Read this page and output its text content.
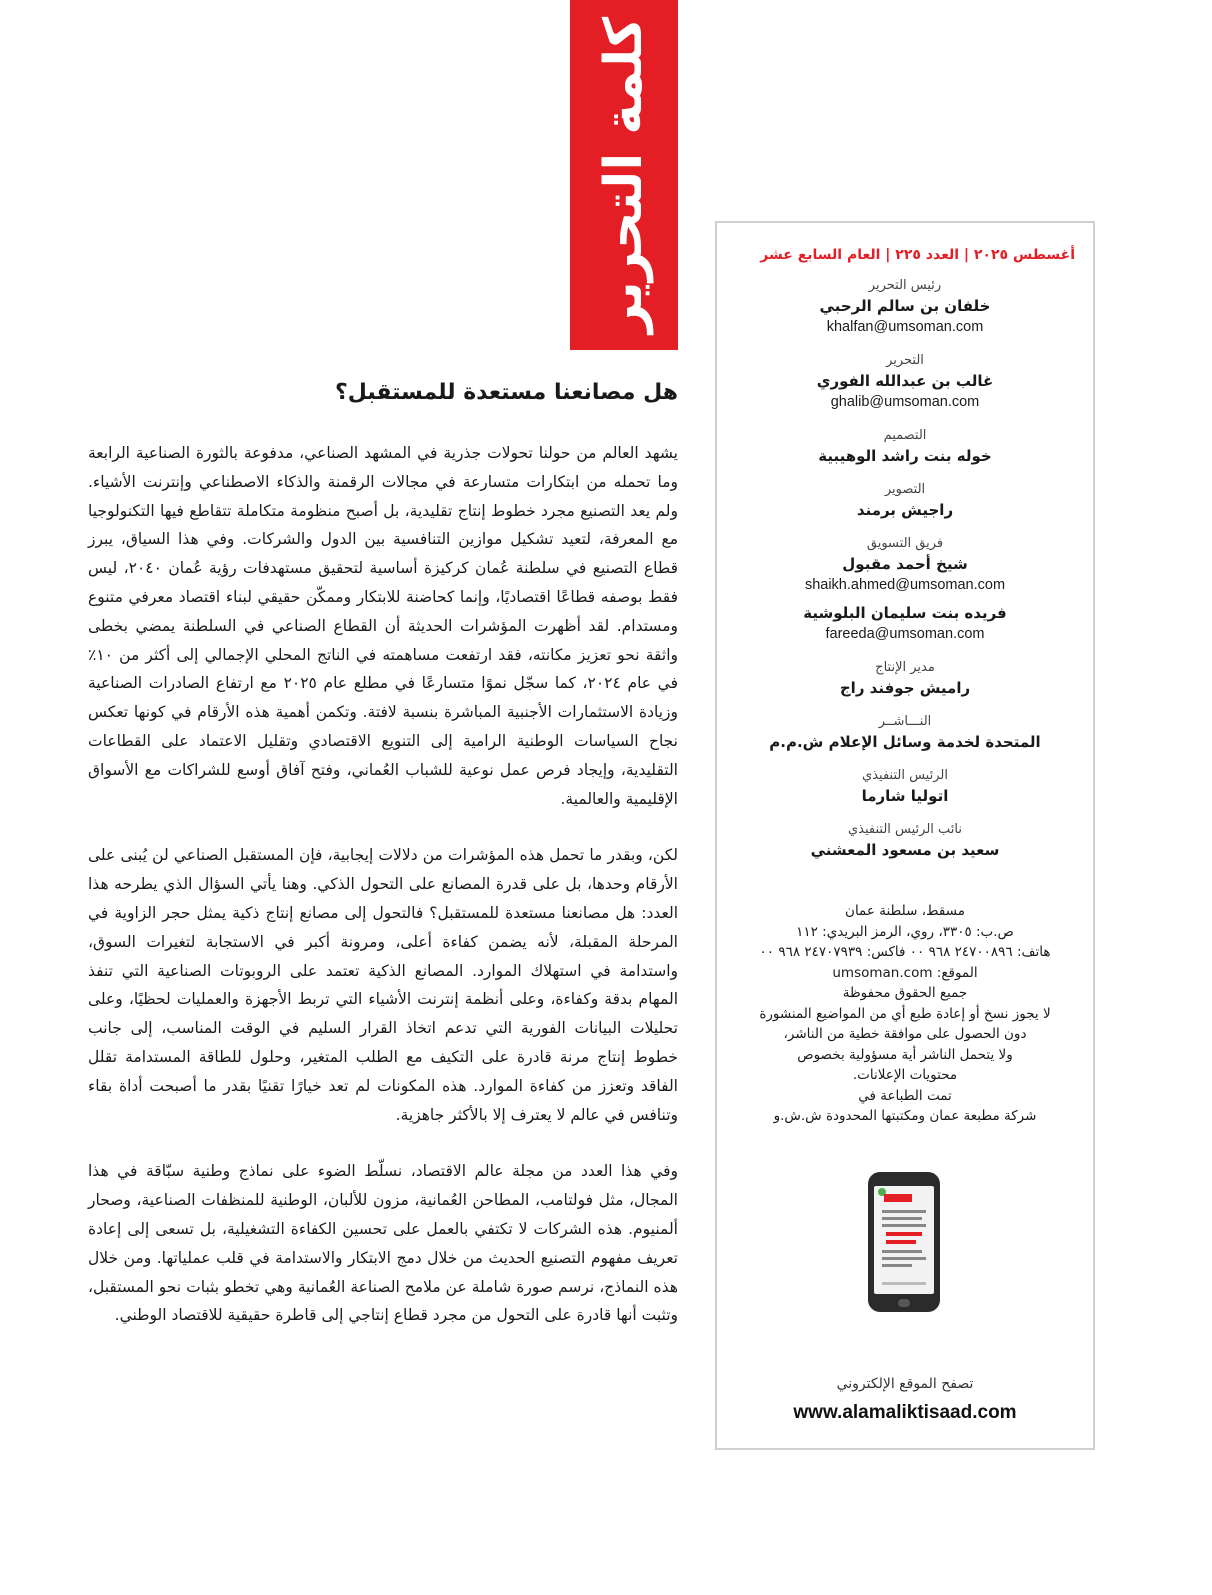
كلمة التحرير
هل مصانعنا مستعدة للمستقبل؟

يشهد العالم من حولنا تحولات جذرية في المشهد الصناعي، مدفوعة بالثورة الصناعية الرابعة وما تحمله من ابتكارات متسارعة في مجالات الرقمنة والذكاء الاصطناعي وإنترنت الأشياء. ولم يعد التصنيع مجرد خطوط إنتاج تقليدية، بل أصبح منظومة متكاملة تتقاطع فيها التكنولوجيا مع المعرفة، لتعيد تشكيل موازين التنافسية بين الدول والشركات. وفي هذا السياق، يبرز قطاع التصنيع في سلطنة عُمان كركيزة أساسية لتحقيق مستهدفات رؤية عُمان ٢٠٤٠، ليس فقط بوصفه قطاعًا اقتصاديًا، وإنما كحاضنة للابتكار وممكّن حقيقي لبناء اقتصاد معرفي متنوع ومستدام. لقد أظهرت المؤشرات الحديثة أن القطاع الصناعي في السلطنة يمضي بخطى واثقة نحو تعزيز مكانته، فقد ارتفعت مساهمته في الناتج المحلي الإجمالي إلى أكثر من ١٠٪ في عام ٢٠٢٤، كما سجّل نموًا متسارعًا في مطلع عام ٢٠٢٥ مع ارتفاع الصادرات الصناعية وزيادة الاستثمارات الأجنبية المباشرة بنسبة لافتة. وتكمن أهمية هذه الأرقام في كونها تعكس نجاح السياسات الوطنية الرامية إلى التنويع الاقتصادي وتقليل الاعتماد على القطاعات التقليدية، وإيجاد فرص عمل نوعية للشباب العُماني، وفتح آفاق أوسع للشراكات مع الأسواق الإقليمية والعالمية.

لكن، وبقدر ما تحمل هذه المؤشرات من دلالات إيجابية، فإن المستقبل الصناعي لن يُبنى على الأرقام وحدها، بل على قدرة المصانع على التحول الذكي. وهنا يأتي السؤال الذي يطرحه هذا العدد: هل مصانعنا مستعدة للمستقبل؟ فالتحول إلى مصانع إنتاج ذكية يمثل حجر الزاوية في المرحلة المقبلة، لأنه يضمن كفاءة أعلى، ومرونة أكبر في الاستجابة لتغيرات السوق، واستدامة في استهلاك الموارد. المصانع الذكية تعتمد على الروبوتات الصناعية التي تنفذ المهام بدقة وكفاءة، وعلى أنظمة إنترنت الأشياء التي تربط الأجهزة والعمليات لحظيًا، وعلى تحليلات البيانات الفورية التي تدعم اتخاذ القرار السليم في الوقت المناسب، إلى جانب خطوط إنتاج مرنة قادرة على التكيف مع الطلب المتغير، وحلول للطاقة المستدامة تقلل الفاقد وتعزز من كفاءة الموارد. هذه المكونات لم تعد خيارًا تقنيًا بقدر ما أصبحت أداة بقاء وتنافس في عالم لا يعترف إلا بالأكثر جاهزية.

وفي هذا العدد من مجلة عالم الاقتصاد، نسلّط الضوء على نماذج وطنية سبّاقة في هذا المجال، مثل فولتامب، المطاحن العُمانية، مزون للألبان، الوطنية للمنظفات الصناعية، وصحار ألمنيوم. هذه الشركات لا تكتفي بالعمل على تحسين الكفاءة التشغيلية، بل تسعى إلى إعادة تعريف مفهوم التصنيع الحديث من خلال دمج الابتكار والاستدامة في قلب عملياتها. ومن خلال هذه النماذج، نرسم صورة شاملة عن ملامح الصناعة العُمانية وهي تخطو بثبات نحو المستقبل، وتثبت أنها قادرة على التحول من مجرد قطاع إنتاجي إلى قاطرة حقيقية للاقتصاد الوطني.

أغسطس ٢٠٢٥ | العدد ٢٢٥ | العام السابع عشر
رئيس التحرير
خلفان بن سالم الرحبي
khalfan@umsoman.com
التحرير
غالب بن عبدالله الفوري
ghalib@umsoman.com
التصميم
خوله بنت راشد الوهيبية
التصوير
راجيش برمند
فريق التسويق
شيخ أحمد مقبول
shaikh.ahmed@umsoman.com
فريده بنت سليمان البلوشية
fareeda@umsoman.com
مدير الإنتاج
راميش جوفند راج
النـــاشــر
المتحدة لخدمة وسائل الإعلام ش.م.م
الرئيس التنفيذي
اتوليا شارما
نائب الرئيس التنفيذي
سعيد بن مسعود المعشني
مسقط، سلطنة عمان
ص.ب: ٣٣٠٥، روي، الرمز البريدي: ١١٢
هاتف: ٢٤٧٠٠٨٩٦ ٩٦٨ ٠٠ فاكس: ٢٤٧٠٧٩٣٩ ٩٦٨ ٠٠
الموقع: umsoman.com
جميع الحقوق محفوظة
لا يجوز نسخ أو إعادة طبع أي من المواضيع المنشورة
دون الحصول على موافقة خطية من الناشر،
ولا يتحمل الناشر أية مسؤولية بخصوص
محتويات الإعلانات.
تمت الطباعة في
شركة مطبعة عمان ومكتبتها المحدودة ش.ش.و
تصفح الموقع الإلكتروني
www.alamaliktisaad.com
